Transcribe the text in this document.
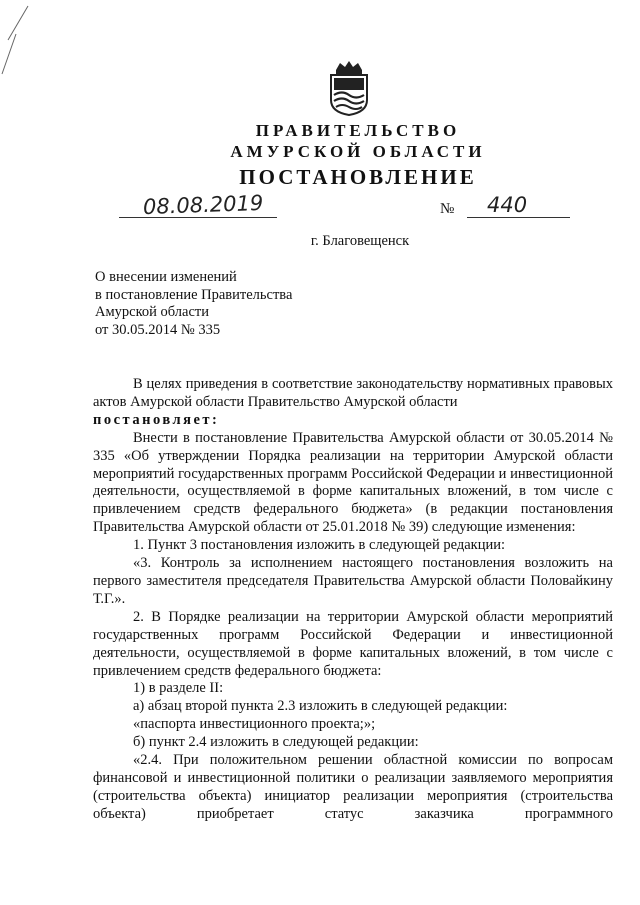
ПРАВИТЕЛЬСТВО
АМУРСКОЙ ОБЛАСТИ
ПОСТАНОВЛЕНИЕ
08.08.2019	№ 440
г. Благовещенск
О внесении изменений
в постановление Правительства
Амурской области
от 30.05.2014 № 335
В целях приведения в соответствие законодательству нормативных правовых актов Амурской области Правительство Амурской области
постановляет:
Внести в постановление Правительства Амурской области от 30.05.2014 № 335 «Об утверждении Порядка реализации на территории Амурской области мероприятий государственных программ Российской Федерации и инвестиционной деятельности, осуществляемой в форме капитальных вложений, в том числе с привлечением средств федерального бюджета» (в редакции постановления Правительства Амурской области от 25.01.2018 № 39) следующие изменения:
1. Пункт 3 постановления изложить в следующей редакции:
«3. Контроль за исполнением настоящего постановления возложить на первого заместителя председателя Правительства Амурской области Половайкину Т.Г.».
2. В Порядке реализации на территории Амурской области мероприятий государственных программ Российской Федерации и инвестиционной деятельности, осуществляемой в форме капитальных вложений, в том числе с привлечением средств федерального бюджета:
1) в разделе II:
а) абзац второй пункта 2.3 изложить в следующей редакции:
«паспорта инвестиционного проекта;»;
б) пункт 2.4 изложить в следующей редакции:
«2.4. При положительном решении областной комиссии по вопросам финансовой и инвестиционной политики о реализации заявляемого мероприятия (строительства объекта) инициатор реализации мероприятия (строительства объекта) приобретает статус заказчика программного
